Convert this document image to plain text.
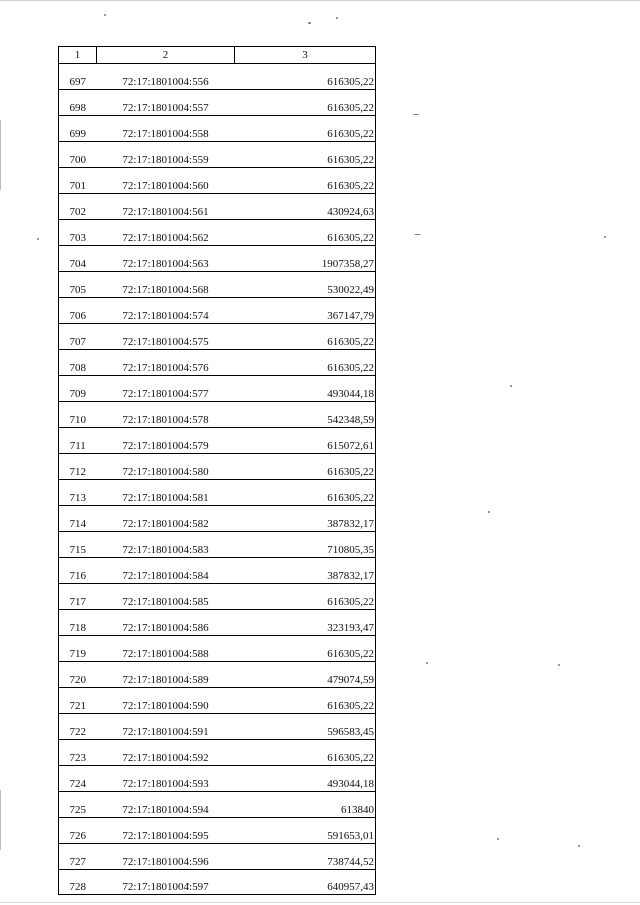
1	2	3
697	72:17:1801004:556	616305,22
698	72:17:1801004:557	616305,22
699	72:17:1801004:558	616305,22
700	72:17:1801004:559	616305,22
701	72:17:1801004:560	616305,22
702	72:17:1801004:561	430924,63
703	72:17:1801004:562	616305,22
704	72:17:1801004:563	1907358,27
705	72:17:1801004:568	530022,49
706	72:17:1801004:574	367147,79
707	72:17:1801004:575	616305,22
708	72:17:1801004:576	616305,22
709	72:17:1801004:577	493044,18
710	72:17:1801004:578	542348,59
711	72:17:1801004:579	615072,61
712	72:17:1801004:580	616305,22
713	72:17:1801004:581	616305,22
714	72:17:1801004:582	387832,17
715	72:17:1801004:583	710805,35
716	72:17:1801004:584	387832,17
717	72:17:1801004:585	616305,22
718	72:17:1801004:586	323193,47
719	72:17:1801004:588	616305,22
720	72:17:1801004:589	479074,59
721	72:17:1801004:590	616305,22
722	72:17:1801004:591	596583,45
723	72:17:1801004:592	616305,22
724	72:17:1801004:593	493044,18
725	72:17:1801004:594	613840
726	72:17:1801004:595	591653,01
727	72:17:1801004:596	738744,52
728	72:17:1801004:597	640957,43
